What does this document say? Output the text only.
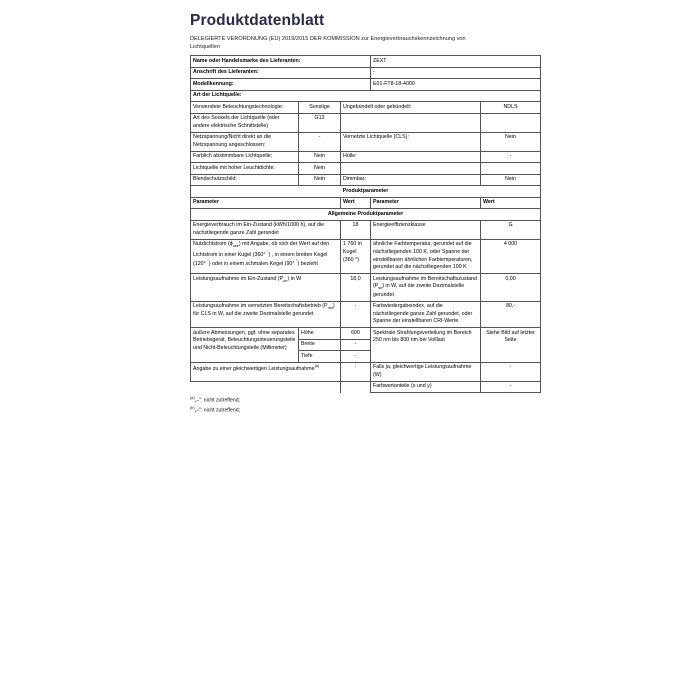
Produktdatenblatt
DELEGIERTE VERORDNUNG (EU) 2019/2015 DER KOMMISSION zur Energieverbrauchskennzeichnung von Lichtquellen
Name oder Handelsmarke des Lieferanten:			ZEXT	
Anschrift des Lieferanten:			-	
Modellkennung:			E01-FT8-18-4000	
Art der Lichtquelle:				
Verwendete Beleuchtungstechnologie:	Sonstige	Ungebündelt oder gebündelt:		NDLS
Art des Sockels der Lichtquelle (oder andere elektrische Schnittstelle)	G13			
Netzspannung/Nicht direkt an die Netzspannung angeschlossen:	-	Vernetzte Lichtquelle (CLS):		Nein
Farblich abstimmbare Lichtquelle:	Nein	Hülle:		-
Lichtquelle mit hoher Leuchtdichte:	Nein			
Blendschutzschild:	Nein	Dimmbar:		Nein
Produktparameter				
Parameter		Wert	Parameter	Wert
Allgemeine Produktparameter				
Energieverbrauch im Ein-Zustand (kWh/1000 h), auf die nächstliegende ganze Zahl gerundet		18	Energieeffizienzklasse	G
Nutzlichtstrom (ɸ$_{use}$) mit Angabe, ob sich der Wert auf den Lichtstrom in einer Kugel (360° °) , in einem breiten Kegel (120° °) oder in einem schmalen Kegel (90° °) bezieht		1 760 in Kugel (360 °)	ähnliche Farbtemperatur, gerundet auf die nächstliegenden 100 K, oder Spanne der einstellbaren ähnlichen Farbtemperaturen, gerundet auf die nächstliegenden 100 K	4 000
Leistungsaufnahme im Ein-Zustand $(P_{on})$ in W		18,0	Leistungsaufnahme im Bereitschaftszustand $(P_{sb})$ in W, auf die zweite Dezimalstelle gerundet	0,00
Leistungsaufnahme im vernetzten Bereitschaftsbetrieb $(P_{net})$ für CLS in W, auf die zweite Dezimalstelle gerundet		-	Farbwiedergabeindex, auf die nächstliegende ganze Zahl gerundet, oder Spanne der einstellbaren CRI-Werte	80,-
äußere Abmessungen, ggf. ohne separates Betriebsgerät, Beleuchtungssteuerungsteile und Nicht-Beleuchtungsteile (Millimeter)	Höhe	600	Spektrale Strahlungsverteilung im Bereich 250 nm bis 800 nm bei Volllast	Siehe Bild auf letzter Seite
	Breite	-		
	Tiefe	-		
Angabe zu einer gleichwertigen Leistungsaufnahme$^{(a)}$		-	Falls ja, gleichwertige Leistungsaufnahme (W)	-
			Farbwertanteile (x und y)	-
$^{(a)}$„–": nicht zutreffend;
$^{(b)}$„–": nicht zutreffend;
